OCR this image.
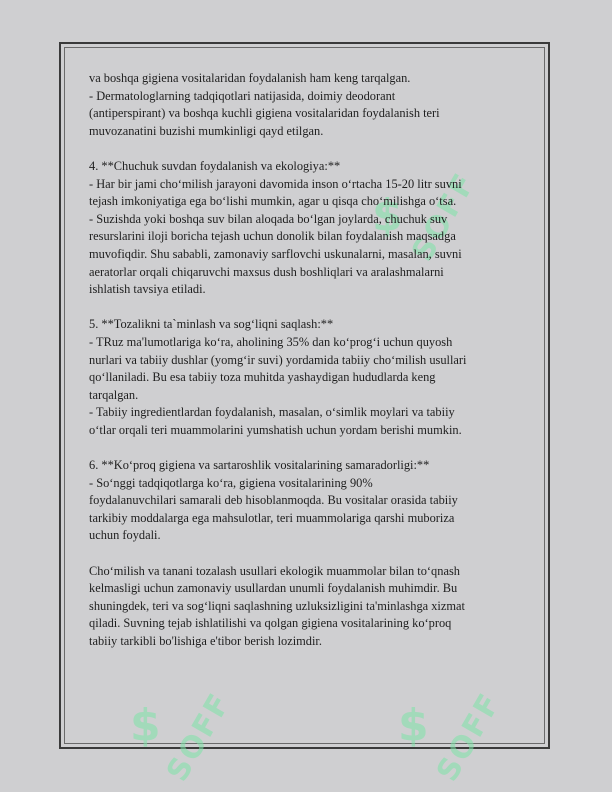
$ SOFF
$ SOFF	$ SOFF

va boshqa gigiena vositalaridan foydalanish ham keng tarqalgan.

- Dermatologlarning tadqiqotlari natijasida, doimiy deodorant

(antiperspirant) va boshqa kuchli gigiena vositalaridan foydalanish teri

muvozanatini buzishi mumkinligi qayd etilgan.

4. **Chuchuk suvdan foydalanish va ekologiya:**

- Har bir jami cho‘milish jarayoni davomida inson o‘rtacha 15-20 litr suvni

tejash imkoniyatiga ega bo‘lishi mumkin, agar u qisqa cho‘milishga o‘tsa.

- Suzishda yoki boshqa suv bilan aloqada bo‘lgan joylarda, chuchuk suv

resurslarini iloji boricha tejash uchun donolik bilan foydalanish maqsadga

muvofiqdir. Shu sababli, zamonaviy sarflovchi uskunalarni, masalan, suvni

aeratorlar orqali chiqaruvchi maxsus dush boshliqlari va aralashmalarni

ishlatish tavsiya etiladi.

5. **Tozalikni ta`minlash va sog‘liqni saqlash:**

- TRuz ma'lumotlariga ko‘ra, aholining 35% dan ko‘prog‘i uchun quyosh

nurlari va tabiiy dushlar (yomg‘ir suvi) yordamida tabiiy cho‘milish usullari

qo‘llaniladi. Bu esa tabiiy toza muhitda yashaydigan hududlarda keng

tarqalgan.

- Tabiiy ingredientlardan foydalanish, masalan, o‘simlik moylari va tabiiy

o‘tlar orqali teri muammolarini yumshatish uchun yordam berishi mumkin.

6. **Ko‘proq gigiena va sartaroshlik vositalarining samaradorligi:**

- So‘nggi tadqiqotlarga ko‘ra, gigiena vositalarining 90%

foydalanuvchilari samarali deb hisoblanmoqda. Bu vositalar orasida tabiiy

tarkibiy moddalarga ega mahsulotlar, teri muammolariga qarshi muboriza

uchun foydali.

Cho‘milish va tanani tozalash usullari ekologik muammolar bilan to‘qnash

kelmasligi uchun zamonaviy usullardan unumli foydalanish muhimdir. Bu

shuningdek, teri va sog‘liqni saqlashning uzluksizligini ta'minlashga xizmat

qiladi. Suvning tejab ishlatilishi va qolgan gigiena vositalarining ko‘proq

tabiiy tarkibli bo'lishiga e'tibor berish lozimdir.
